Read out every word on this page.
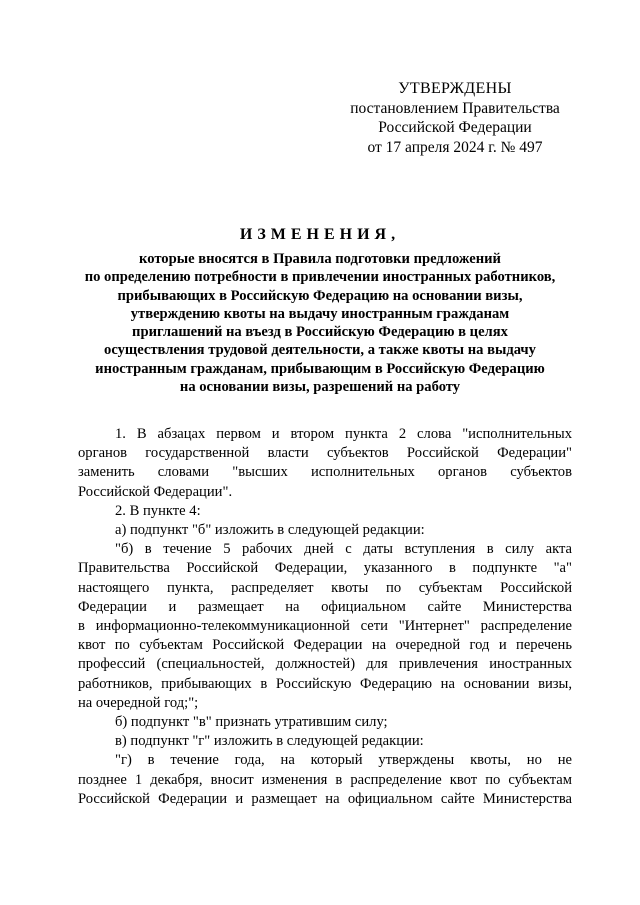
УТВЕРЖДЕНЫ
постановлением Правительства
Российской Федерации
от 17 апреля 2024 г. № 497
ИЗМЕНЕНИЯ,
которые вносятся в Правила подготовки предложений
по определению потребности в привлечении иностранных работников,
прибывающих в Российскую Федерацию на основании визы,
утверждению квоты на выдачу иностранным гражданам
приглашений на въезд в Российскую Федерацию в целях
осуществления трудовой деятельности, а также квоты на выдачу
иностранным гражданам, прибывающим в Российскую Федерацию
на основании визы, разрешений на работу
1. В абзацах первом и втором пункта 2 слова "исполнительных
органов государственной власти субъектов Российской Федерации"
заменить словами "высших исполнительных органов субъектов
Российской Федерации".
2. В пункте 4:
а) подпункт "б" изложить в следующей редакции:
"б) в течение 5 рабочих дней с даты вступления в силу акта
Правительства Российской Федерации, указанного в подпункте "а"
настоящего пункта, распределяет квоты по субъектам Российской
Федерации и размещает на официальном сайте Министерства
в информационно-телекоммуникационной сети "Интернет" распределение
квот по субъектам Российской Федерации на очередной год и перечень
профессий (специальностей, должностей) для привлечения иностранных
работников, прибывающих в Российскую Федерацию на основании визы,
на очередной год;";
б) подпункт "в" признать утратившим силу;
в) подпункт "г" изложить в следующей редакции:
"г) в течение года, на который утверждены квоты, но не
позднее 1 декабря, вносит изменения в распределение квот по субъектам
Российской Федерации и размещает на официальном сайте Министерства
